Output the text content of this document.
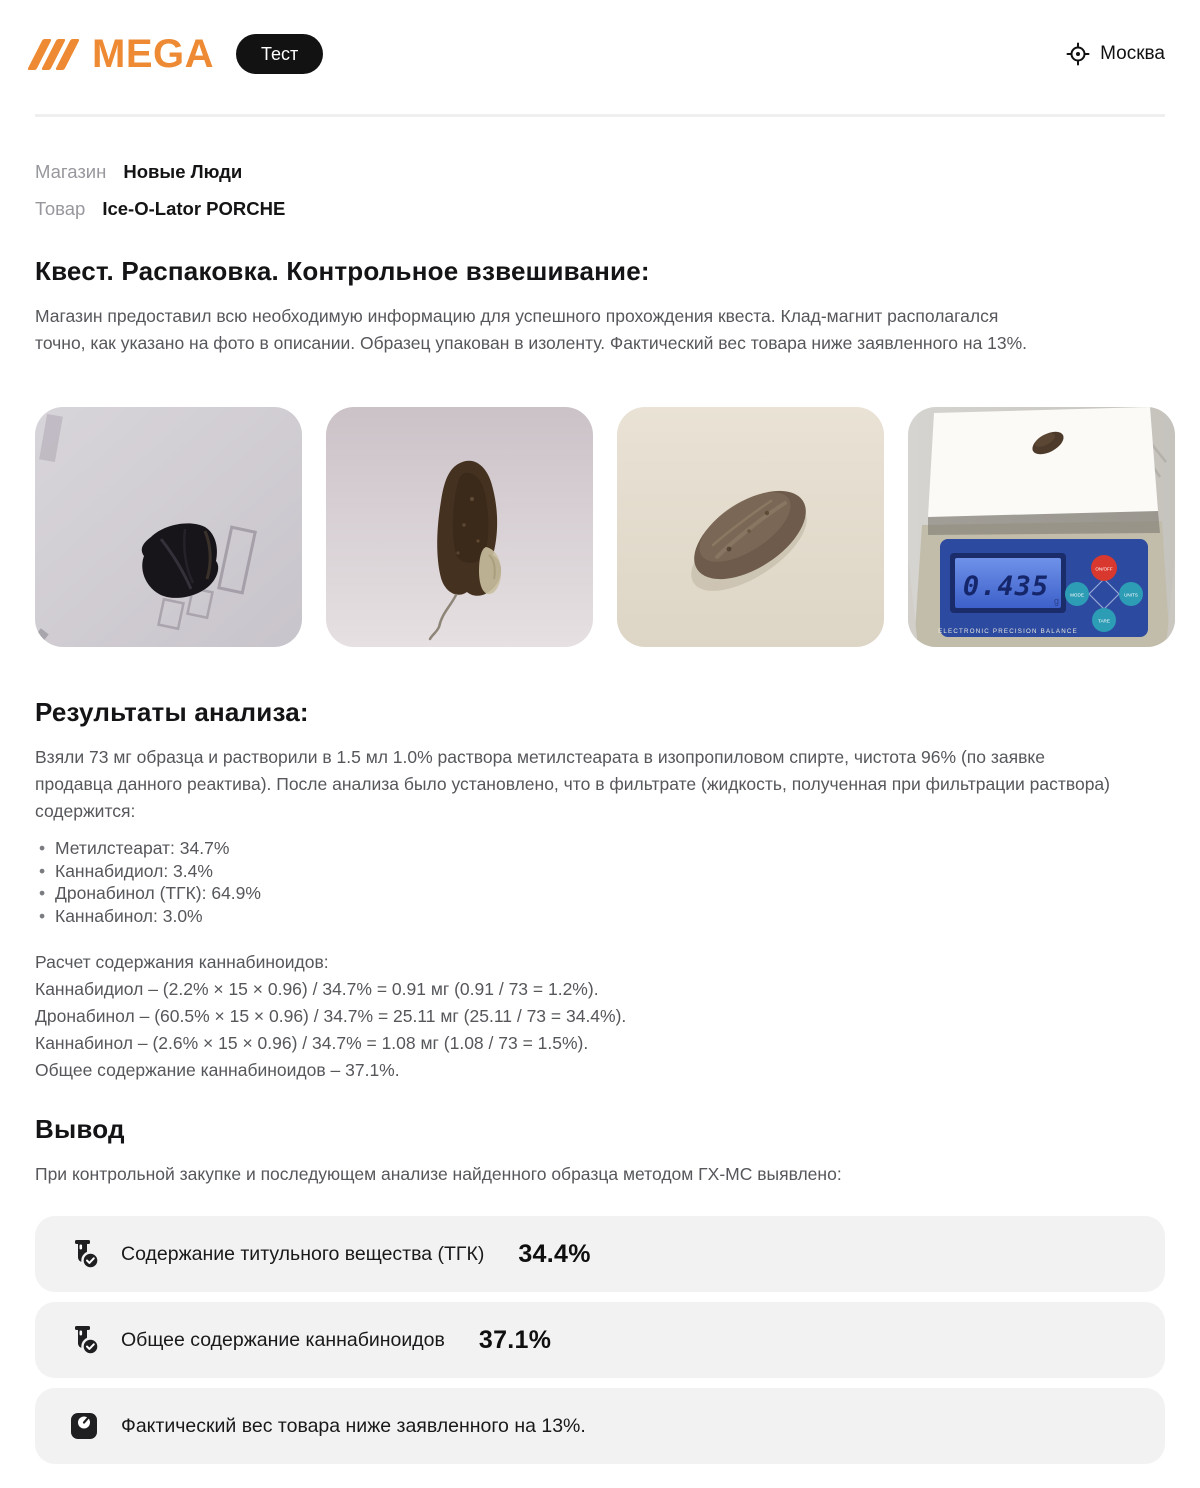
MEGA	Тест	Москва
Магазин Новые Люди
Товар Ice-O-Lator PORCHE
Квест. Распаковка. Контрольное взвешивание:

Магазин предоставил всю необходимую информацию для успешного прохождения квеста. Клад-магнит располагался точно, как указано на фото в описании. Образец упакован в изоленту. Фактический вес товара ниже заявленного на 13%.

0.435 g
ON/OFF
MODE	UNITS
TARE
ELECTRONIC PRECISION BALANCE
Результаты анализа:

Взяли 73 мг образца и растворили в 1.5 мл 1.0% раствора метилстеарата в изопропиловом спирте, чистота 96% (по заявке продавца данного реактива). После анализа было установлено, что в фильтрате (жидкость, полученная при фильтрации раствора) содержится:

• Метилстеарат: 34.7%
• Каннабидиол: 3.4%
• Дронабинол (ТГК): 64.9%
• Каннабинол: 3.0%
Расчет содержания каннабиноидов:
Каннабидиол – (2.2% × 15 × 0.96) / 34.7% = 0.91 мг (0.91 / 73 = 1.2%).
Дронабинол – (60.5% × 15 × 0.96) / 34.7% = 25.11 мг (25.11 / 73 = 34.4%).
Каннабинол – (2.6% × 15 × 0.96) / 34.7% = 1.08 мг (1.08 / 73 = 1.5%).
Общее содержание каннабиноидов – 37.1%.
Вывод

При контрольной закупке и последующем анализе найденного образца методом ГХ-МС выявлено:

Содержание титульного вещества (ТГК) 34.4%
Общее содержание каннабиноидов 37.1%
Фактический вес товара ниже заявленного на 13%.
